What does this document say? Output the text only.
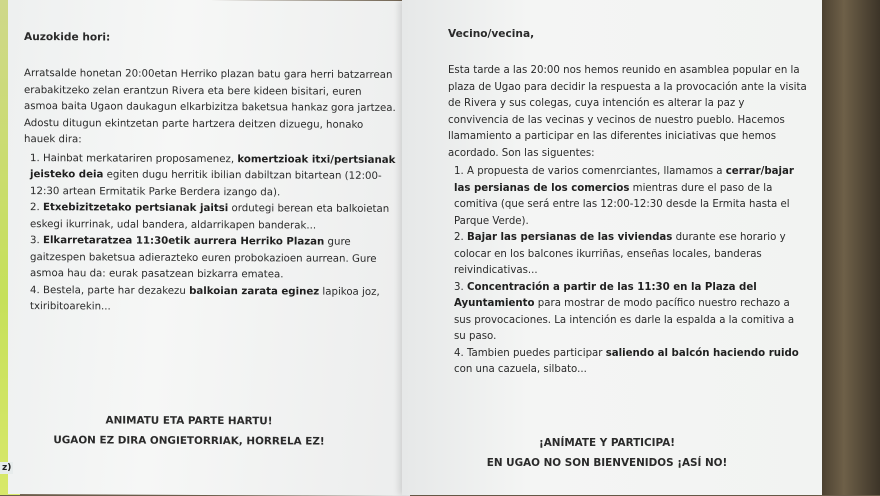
Auzokide hori:

Arratsalde honetan 20:00etan Herriko plazan batu gara herri batzarrean erabakitzeko zelan erantzun Rivera eta bere kideen bisitari, euren asmoa baita Ugaon daukagun elkarbizitza baketsua hankaz gora jartzea. Adostu ditugun ekintzetan parte hartzera deitzen dizuegu, honako hauek dira:

1. Hainbat merkatariren proposamenez, komertzioak itxi/pertsianak jeisteko deia egiten dugu herritik ibilian dabiltzan bitartean (12:00-12:30 artean Ermitatik Parke Berdera izango da).

2. Etxebizitzetako pertsianak jaitsi ordutegi berean eta balkoietan eskegi ikurrinak, udal bandera, aldarrikapen banderak...

3. Elkarretaratzea 11:30etik aurrera Herriko Plazan gure gaitzespen baketsua adierazteko euren probokazioen aurrean. Gure asmoa hau da: eurak pasatzean bizkarra ematea.

4. Bestela, parte har dezakezu balkoian zarata eginez lapikoa joz, txiribitoarekin...

ANIMATU ETA PARTE HARTU!
UGAON EZ DIRA ONGIETORRIAK, HORRELA EZ!
Vecino/vecina,

Esta tarde a las 20:00 nos hemos reunido en asamblea popular en la plaza de Ugao para decidir la respuesta a la provocación ante la visita de Rivera y sus colegas, cuya intención es alterar la paz y convivencia de las vecinas y vecinos de nuestro pueblo. Hacemos llamamiento a participar en las diferentes iniciativas que hemos acordado. Son las siguentes:

1. A propuesta de varios comenrciantes, llamamos a cerrar/bajar las persianas de los comercios mientras dure el paso de la comitiva (que será entre las 12:00-12:30 desde la Ermita hasta el Parque Verde).

2. Bajar las persianas de las viviendas durante ese horario y colocar en los balcones ikurriñas, enseñas locales, banderas reivindicativas...

3. Concentración a partir de las 11:30 en la Plaza del Ayuntamiento para mostrar de modo pacífico nuestro rechazo a sus provocaciones. La intención es darle la espalda a la comitiva a su paso.

4. Tambien puedes participar saliendo al balcón haciendo ruido con una cazuela, silbato...

¡ANÍMATE Y PARTICIPA!
EN UGAO NO SON BIENVENIDOS ¡ASÍ NO!
z)
